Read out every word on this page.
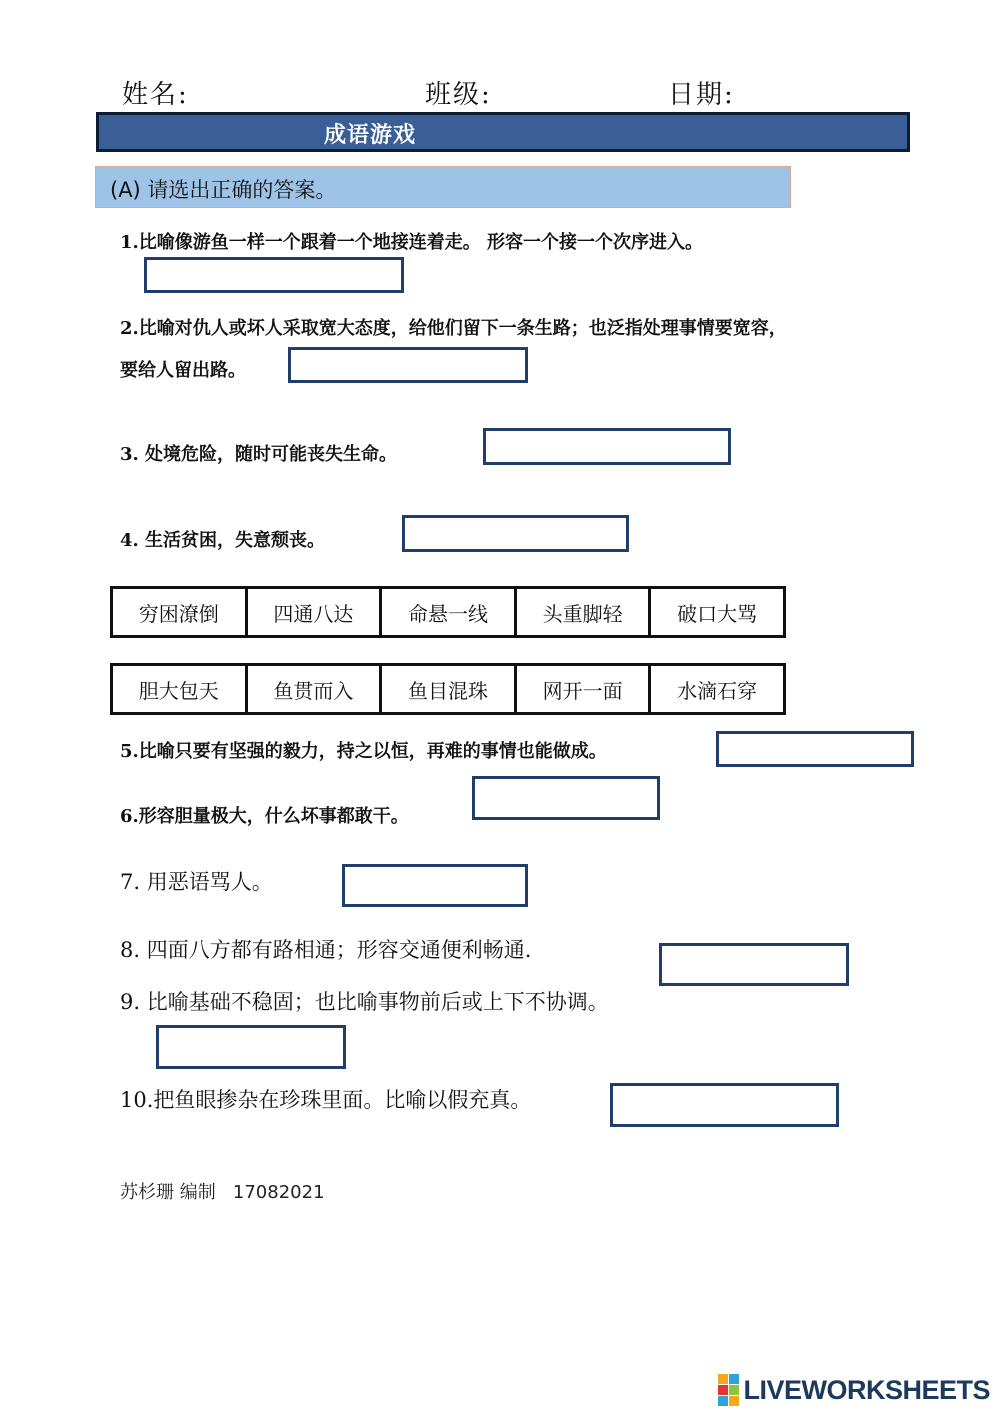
姓名:	班级:	日期:
成语游戏
(A) 请选出正确的答案。
1.比喻像游鱼一样一个跟着一个地接连着走。 形容一个接一个次序进入。
2.比喻对仇人或坏人采取宽大态度，给他们留下一条生路；也泛指处理事情要宽容，
要给人留出路。
3. 处境危险，随时可能丧失生命。
4. 生活贫困，失意颓丧。
穷困潦倒	四通八达	命悬一线	头重脚轻	破口大骂
胆大包天	鱼贯而入	鱼目混珠	网开一面	水滴石穿
5.比喻只要有坚强的毅力，持之以恒，再难的事情也能做成。
6.形容胆量极大，什么坏事都敢干。
7. 用恶语骂人。
8. 四面八方都有路相通；形容交通便利畅通.
9. 比喻基础不稳固；也比喻事物前后或上下不协调。
10.把鱼眼掺杂在珍珠里面。比喻以假充真。
苏杉珊 编制 17082021
LIVEWORKSHEETS
